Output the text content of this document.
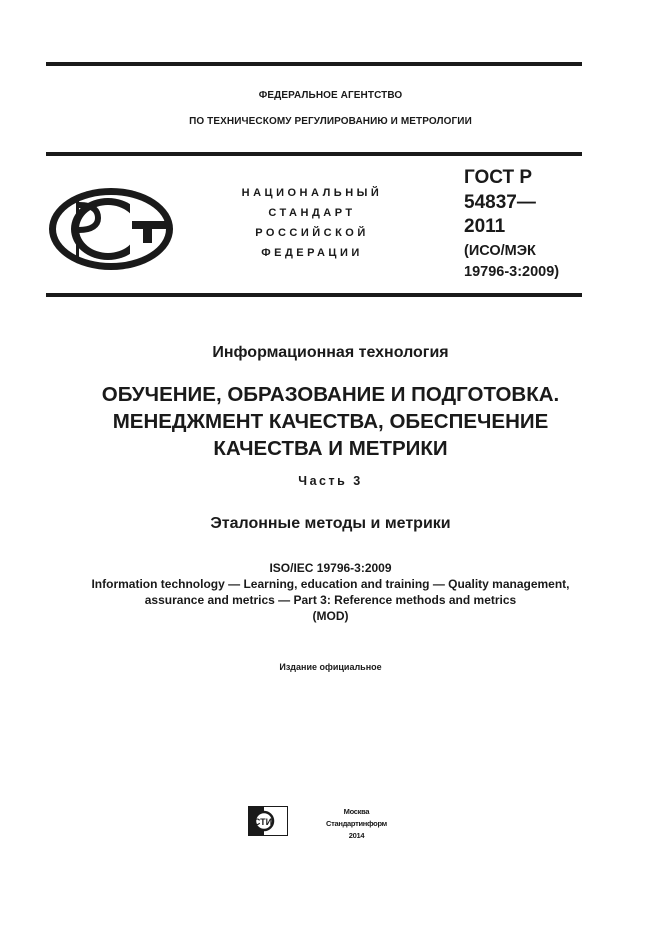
ФЕДЕРАЛЬНОЕ АГЕНТСТВО
ПО ТЕХНИЧЕСКОМУ РЕГУЛИРОВАНИЮ И МЕТРОЛОГИИ
НАЦИОНАЛЬНЫЙ
СТАНДАРТ
РОССИЙСКОЙ
ФЕДЕРАЦИИ
ГОСТ Р
54837—
2011
(ИСО/МЭК
19796-3:2009)
Информационная технология
ОБУЧЕНИЕ, ОБРАЗОВАНИЕ И ПОДГОТОВКА.
МЕНЕДЖМЕНТ КАЧЕСТВА, ОБЕСПЕЧЕНИЕ
КАЧЕСТВА И МЕТРИКИ
Часть 3
Эталонные методы и метрики
ISO/IEC 19796-3:2009
Information technology — Learning, education and training — Quality management,
assurance and metrics — Part 3: Reference methods and metrics
(MOD)
Издание официальное
СТИ
Москва
Стандартинформ
2014
